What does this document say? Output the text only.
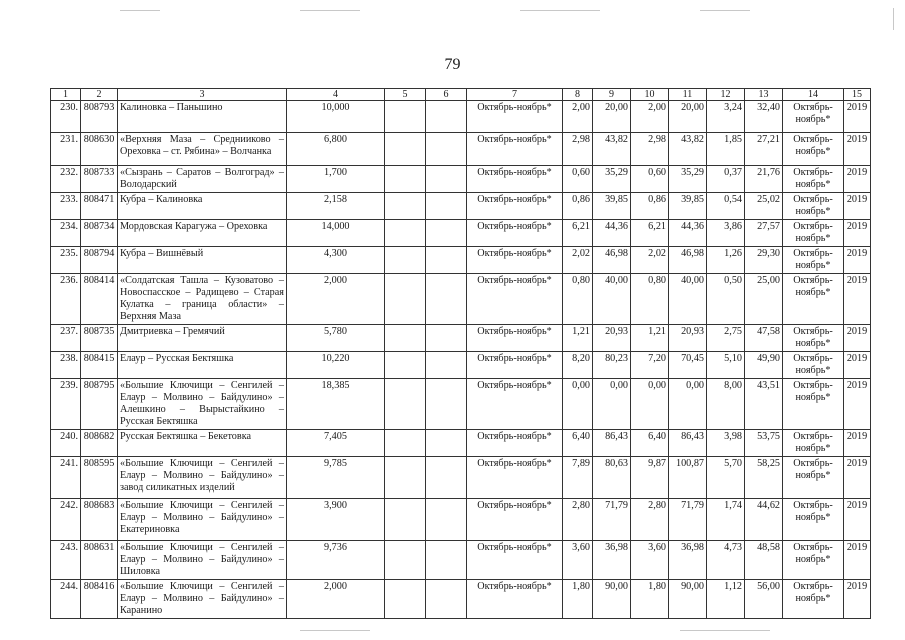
79
1	2	3	4	5	6	7	8	9	10	11	12	13	14	15
230.	808793	Калиновка – Паньшино	10,000			Октябрь-ноябрь*	2,00	20,00	2,00	20,00	3,24	32,40	Октябрь-ноябрь*	2019
231.	808630	«Верхняя Маза – Среднииково – Ореховка – ст. Рябина» – Волчанка	6,800			Октябрь-ноябрь*	2,98	43,82	2,98	43,82	1,85	27,21	Октябрь-ноябрь*	2019
232.	808733	«Сызрань – Саратов – Волгоград» – Володарский	1,700			Октябрь-ноябрь*	0,60	35,29	0,60	35,29	0,37	21,76	Октябрь-ноябрь*	2019
233.	808471	Кубра – Калиновка	2,158			Октябрь-ноябрь*	0,86	39,85	0,86	39,85	0,54	25,02	Октябрь-ноябрь*	2019
234.	808734	Мордовская Карагужа – Ореховка	14,000			Октябрь-ноябрь*	6,21	44,36	6,21	44,36	3,86	27,57	Октябрь-ноябрь*	2019
235.	808794	Кубра – Вишнёвый	4,300			Октябрь-ноябрь*	2,02	46,98	2,02	46,98	1,26	29,30	Октябрь-ноябрь*	2019
236.	808414	«Солдатская Ташла – Кузоватово – Новоспасское – Радищево – Старая Кулатка – граница области» – Верхняя Маза	2,000			Октябрь-ноябрь*	0,80	40,00	0,80	40,00	0,50	25,00	Октябрь-ноябрь*	2019
237.	808735	Дмитриевка – Гремячий	5,780			Октябрь-ноябрь*	1,21	20,93	1,21	20,93	2,75	47,58	Октябрь-ноябрь*	2019
238.	808415	Елаур – Русская Бектяшка	10,220			Октябрь-ноябрь*	8,20	80,23	7,20	70,45	5,10	49,90	Октябрь-ноябрь*	2019
239.	808795	«Большие Ключищи – Сенгилей – Елаур – Молвино – Байдулино» – Алешкино – Вырыстайкино – Русская Бектяшка	18,385			Октябрь-ноябрь*	0,00	0,00	0,00	0,00	8,00	43,51	Октябрь-ноябрь*	2019
240.	808682	Русская Бектяшка – Бекетовка	7,405			Октябрь-ноябрь*	6,40	86,43	6,40	86,43	3,98	53,75	Октябрь-ноябрь*	2019
241.	808595	«Большие Ключищи – Сенгилей – Елаур – Молвино – Байдулино» – завод силикатных изделий	9,785			Октябрь-ноябрь*	7,89	80,63	9,87	100,87	5,70	58,25	Октябрь-ноябрь*	2019
242.	808683	«Большие Ключищи – Сенгилей – Елаур – Молвино – Байдулино» – Екатериновка	3,900			Октябрь-ноябрь*	2,80	71,79	2,80	71,79	1,74	44,62	Октябрь-ноябрь*	2019
243.	808631	«Большие Ключищи – Сенгилей – Елаур – Молвино – Байдулино» – Шиловка	9,736			Октябрь-ноябрь*	3,60	36,98	3,60	36,98	4,73	48,58	Октябрь-ноябрь*	2019
244.	808416	«Большие Ключищи – Сенгилей – Елаур – Молвино – Байдулино» – Каранино	2,000			Октябрь-ноябрь*	1,80	90,00	1,80	90,00	1,12	56,00	Октябрь-ноябрь*	2019
